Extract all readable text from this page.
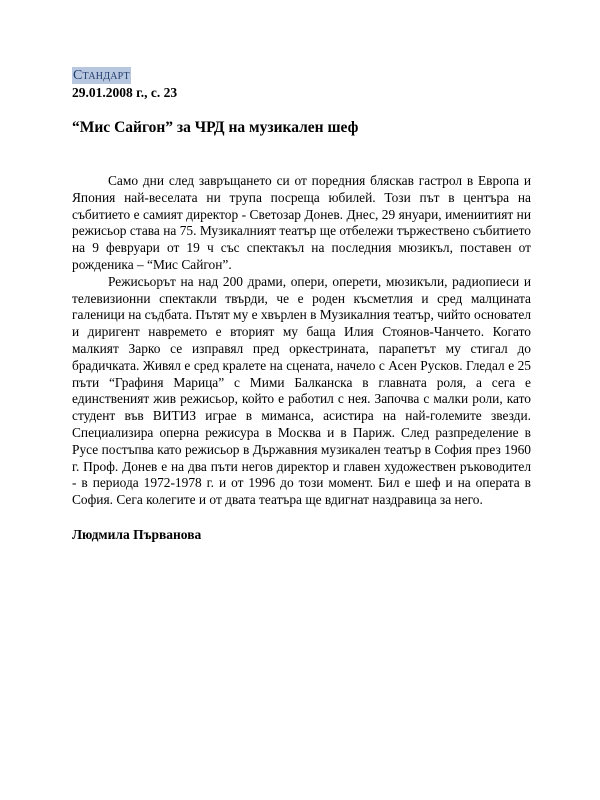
Стандарт
29.01.2008 г., с. 23
“Мис Сайгон” за ЧРД на музикален шеф

Само дни след завръщането си от поредния бляскав гастрол в Европа и Япония най-веселата ни трупа посреща юбилей. Този път в центъра на събитието е самият директор - Светозар Донев. Днес, 29 януари, имениитият ни режисьор става на 75. Музикалният театър ще отбележи тържествено събитието на 9 февруари от 19 ч със спектакъл на последния мюзикъл, поставен от рожденика – “Мис Сайгон”.

Режисьорът на над 200 драми, опери, оперети, мюзикъли, радиопиеси и телевизионни спектакли твърди, че е роден късметлия и сред малцината галеници на съдбата. Пътят му е хвърлен в Музикалния театър, чийто основател и диригент навремето е вторият му баща Илия Стоянов-Чанчето. Когато малкият Зарко се изправял пред оркестрината, парапетът му стигал до брадичката. Живял е сред кралете на сцената, начело с Асен Русков. Гледал е 25 пъти “Графиня Марица” с Мими Балканска в главната роля, а сега е единственият жив режисьор, който е работил с нея. Започва с малки роли, като студент във ВИТИЗ играе в миманса, асистира на най-големите звезди. Специализира оперна режисура в Москва и в Париж. След разпределение в Русе постъпва като режисьор в Държавния музикален театър в София през 1960 г. Проф. Донев е на два пъти негов директор и главен художествен ръководител - в периода 1972-1978 г. и от 1996 до този момент. Бил е шеф и на операта в София. Сега колегите и от двата театъра ще вдигнат наздравица за него.

Людмила Първанова
